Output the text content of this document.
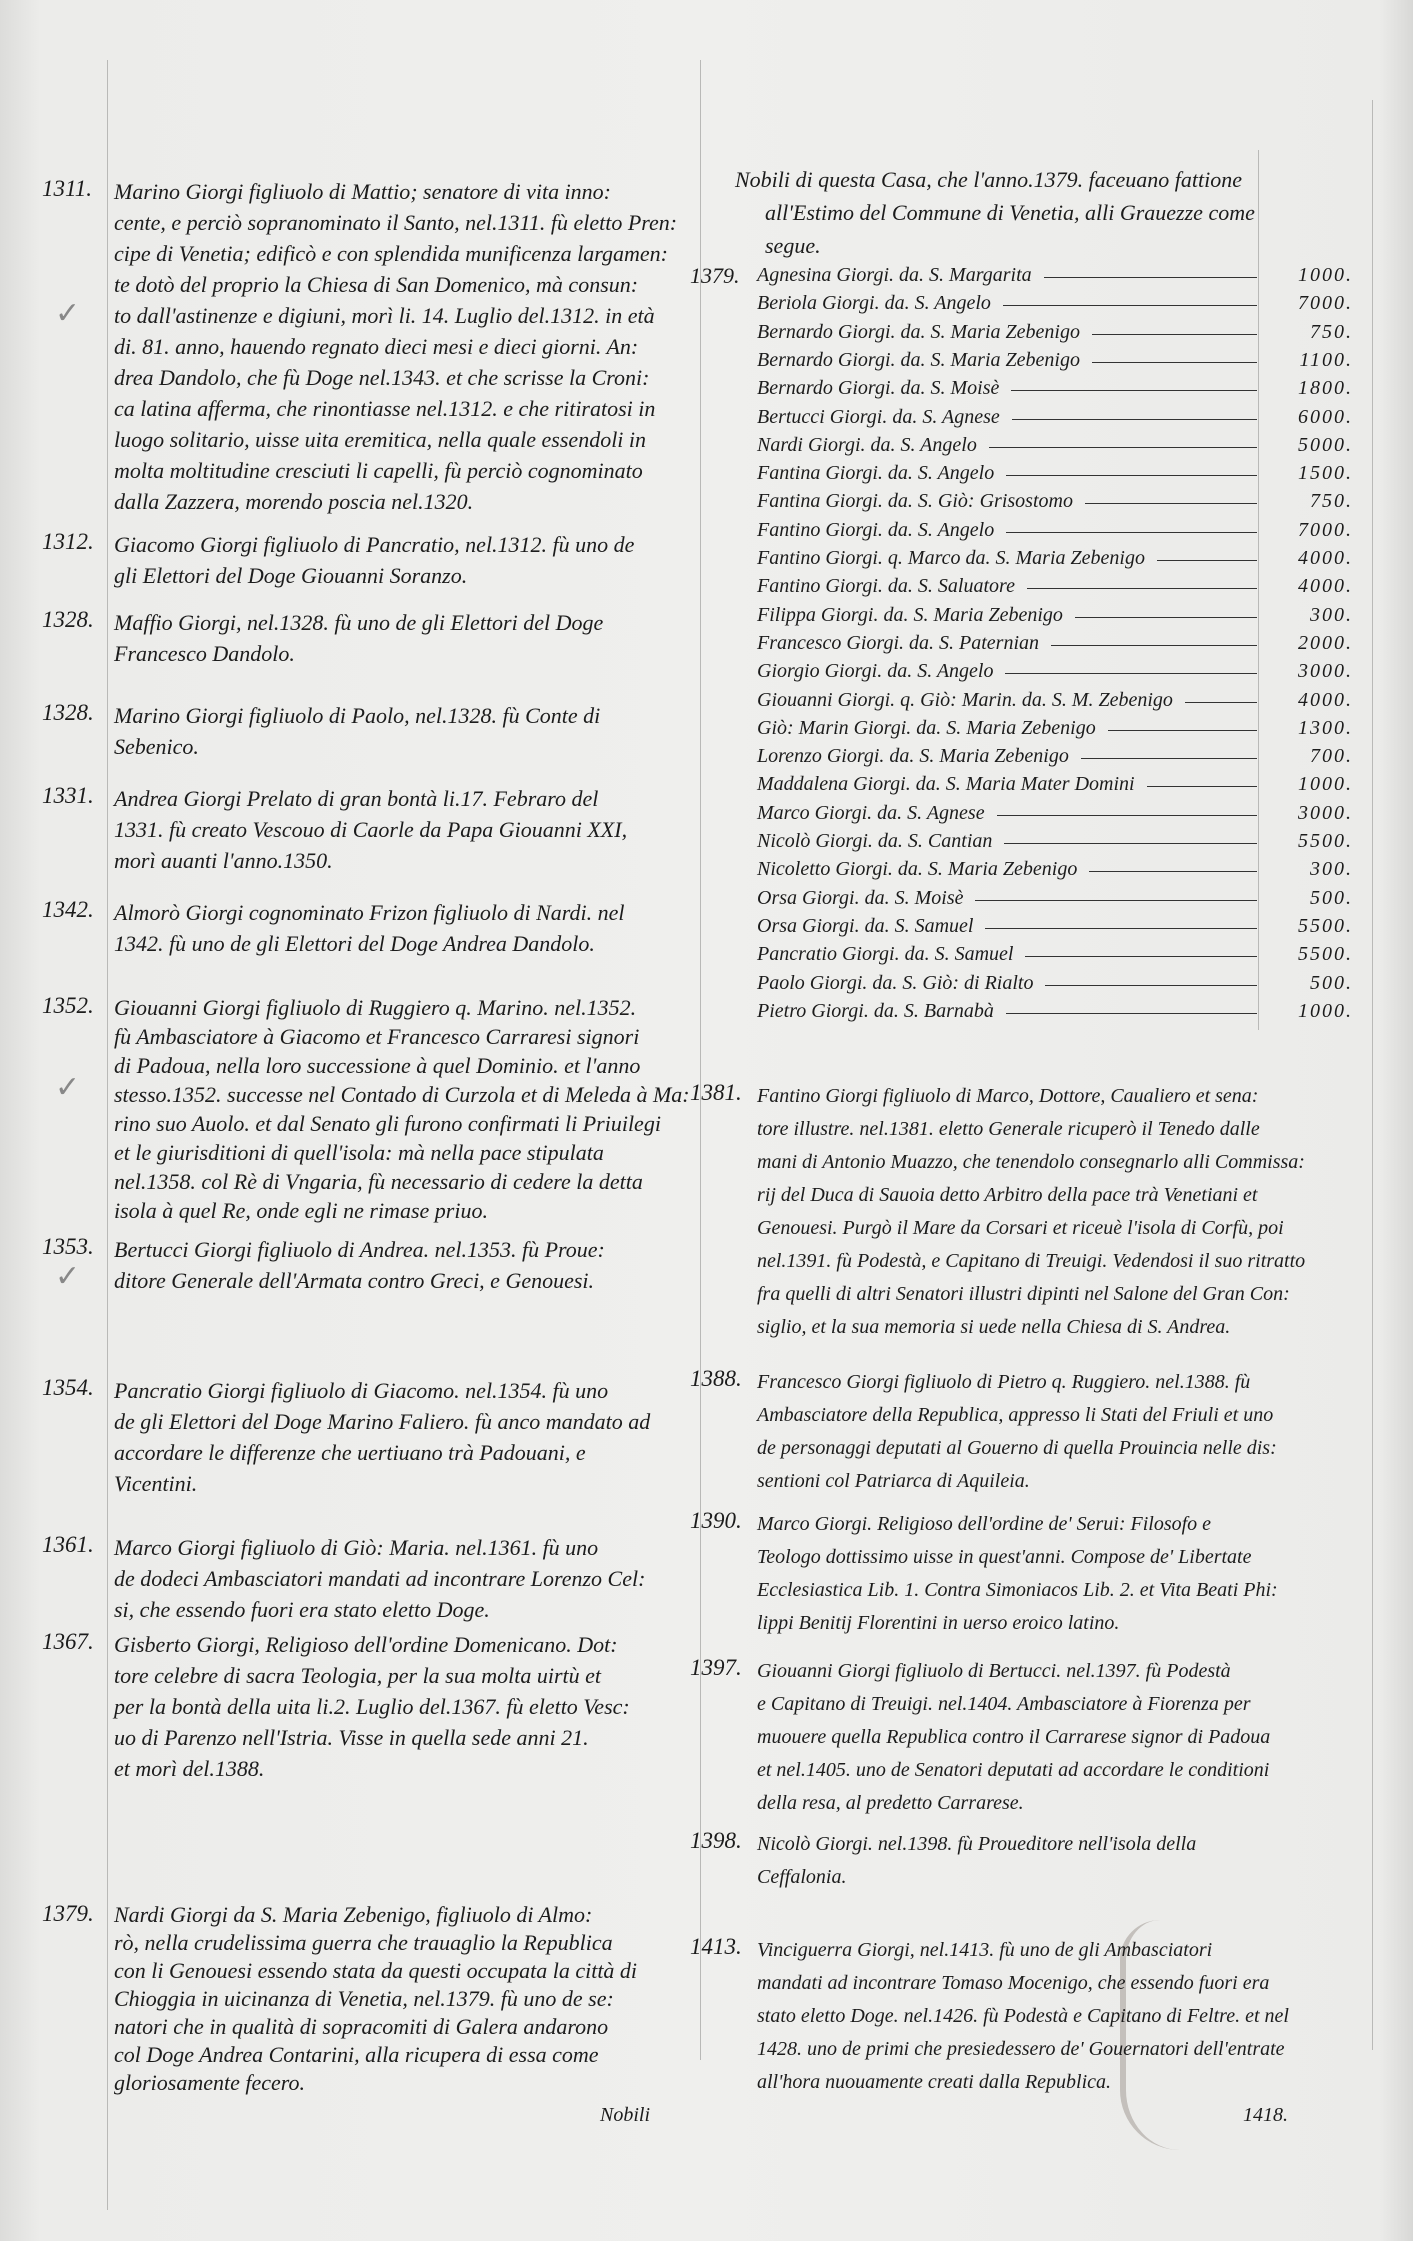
✓
✓
✓
1311. Marino Giorgi figliuolo di Mattio; senatore di vita inno:
cente, e perciò sopranominato il Santo, nel.1311. fù eletto Pren:
cipe di Venetia; edificò e con splendida munificenza largamen:
te dotò del proprio la Chiesa di San Domenico, mà consun:
to dall'astinenze e digiuni, morì li. 14. Luglio del.1312. in età
di. 81. anno, hauendo regnato dieci mesi e dieci giorni. An:
drea Dandolo, che fù Doge nel.1343. et che scrisse la Croni:
ca latina afferma, che rinontiasse nel.1312. e che ritiratosi in
luogo solitario, uisse uita eremitica, nella quale essendoli in
molta moltitudine cresciuti li capelli, fù perciò cognominato
dalla Zazzera, morendo poscia nel.1320.
1312. Giacomo Giorgi figliuolo di Pancratio, nel.1312. fù uno de
gli Elettori del Doge Giouanni Soranzo.
1328. Maffio Giorgi, nel.1328. fù uno de gli Elettori del Doge
Francesco Dandolo.
1328. Marino Giorgi figliuolo di Paolo, nel.1328. fù Conte di
Sebenico.
1331. Andrea Giorgi Prelato di gran bontà li.17. Febraro del
1331. fù creato Vescouo di Caorle da Papa Giouanni XXI,
morì auanti l'anno.1350.
1342. Almorò Giorgi cognominato Frizon figliuolo di Nardi. nel
1342. fù uno de gli Elettori del Doge Andrea Dandolo.
1352. Giouanni Giorgi figliuolo di Ruggiero q. Marino. nel.1352.
fù Ambasciatore à Giacomo et Francesco Carraresi signori
di Padoua, nella loro successione à quel Dominio. et l'anno
stesso.1352. successe nel Contado di Curzola et di Meleda à Ma:
rino suo Auolo. et dal Senato gli furono confirmati li Priuilegi
et le giurisditioni di quell'isola: mà nella pace stipulata
nel.1358. col Rè di Vngaria, fù necessario di cedere la detta
isola à quel Re, onde egli ne rimase priuo.
1353. Bertucci Giorgi figliuolo di Andrea. nel.1353. fù Proue:
ditore Generale dell'Armata contro Greci, e Genouesi.
1354. Pancratio Giorgi figliuolo di Giacomo. nel.1354. fù uno
de gli Elettori del Doge Marino Faliero. fù anco mandato ad
accordare le differenze che uertiuano trà Padouani, e
Vicentini.
1361. Marco Giorgi figliuolo di Giò: Maria. nel.1361. fù uno
de dodeci Ambasciatori mandati ad incontrare Lorenzo Cel:
si, che essendo fuori era stato eletto Doge.
1367. Gisberto Giorgi, Religioso dell'ordine Domenicano. Dot:
tore celebre di sacra Teologia, per la sua molta uirtù et
per la bontà della uita li.2. Luglio del.1367. fù eletto Vesc:
uo di Parenzo nell'Istria. Visse in quella sede anni 21.
et morì del.1388.
1379. Nardi Giorgi da S. Maria Zebenigo, figliuolo di Almo:
rò, nella crudelissima guerra che trauaglio la Republica
con li Genouesi essendo stata da questi occupata la città di
Chioggia in uicinanza di Venetia, nel.1379. fù uno de se:
natori che in qualità di sopracomiti di Galera andarono
col Doge Andrea Contarini, alla ricupera di essa come
gloriosamente fecero.
1381. Fantino Giorgi figliuolo di Marco, Dottore, Caualiero et sena:
tore illustre. nel.1381. eletto Generale ricuperò il Tenedo dalle
mani di Antonio Muazzo, che tenendolo consegnarlo alli Commissa:
rij del Duca di Sauoia detto Arbitro della pace trà Venetiani et
Genouesi. Purgò il Mare da Corsari et riceuè l'isola di Corfù, poi
nel.1391. fù Podestà, e Capitano di Treuigi. Vedendosi il suo ritratto
fra quelli di altri Senatori illustri dipinti nel Salone del Gran Con:
siglio, et la sua memoria si uede nella Chiesa di S. Andrea.
1388. Francesco Giorgi figliuolo di Pietro q. Ruggiero. nel.1388. fù
Ambasciatore della Republica, appresso li Stati del Friuli et uno
de personaggi deputati al Gouerno di quella Prouincia nelle dis:
sentioni col Patriarca di Aquileia.
1390. Marco Giorgi. Religioso dell'ordine de' Serui: Filosofo e
Teologo dottissimo uisse in quest'anni. Compose de' Libertate
Ecclesiastica Lib. 1. Contra Simoniacos Lib. 2. et Vita Beati Phi:
lippi Benitij Florentini in uerso eroico latino.
1397. Giouanni Giorgi figliuolo di Bertucci. nel.1397. fù Podestà
e Capitano di Treuigi. nel.1404. Ambasciatore à Fiorenza per
muouere quella Republica contro il Carrarese signor di Padoua
et nel.1405. uno de Senatori deputati ad accordare le conditioni
della resa, al predetto Carrarese.
1398. Nicolò Giorgi. nel.1398. fù Proueditore nell'isola della
Ceffalonia.
1413. Vinciguerra Giorgi, nel.1413. fù uno de gli Ambasciatori
mandati ad incontrare Tomaso Mocenigo, che essendo fuori era
stato eletto Doge. nel.1426. fù Podestà e Capitano di Feltre. et nel
1428. uno de primi che presiedessero de' Gouernatori dell'entrate
all'hora nuouamente creati dalla Republica.
Nobili di questa Casa, che l'anno.1379. faceuano fattione
all'Estimo del Commune di Venetia, alli Grauezze come
segue.
1379. Agnesina Giorgi. da. S. Margarita	1000.
Beriola Giorgi. da. S. Angelo	7000.
Bernardo Giorgi. da. S. Maria Zebenigo	750.
Bernardo Giorgi. da. S. Maria Zebenigo	1100.
Bernardo Giorgi. da. S. Moisè	1800.
Bertucci Giorgi. da. S. Agnese	6000.
Nardi Giorgi. da. S. Angelo	5000.
Fantina Giorgi. da. S. Angelo	1500.
Fantina Giorgi. da. S. Giò: Grisostomo	750.
Fantino Giorgi. da. S. Angelo	7000.
Fantino Giorgi. q. Marco da. S. Maria Zebenigo	4000.
Fantino Giorgi. da. S. Saluatore	4000.
Filippa Giorgi. da. S. Maria Zebenigo	300.
Francesco Giorgi. da. S. Paternian	2000.
Giorgio Giorgi. da. S. Angelo	3000.
Giouanni Giorgi. q. Giò: Marin. da. S. M. Zebenigo	4000.
Giò: Marin Giorgi. da. S. Maria Zebenigo	1300.
Lorenzo Giorgi. da. S. Maria Zebenigo	700.
Maddalena Giorgi. da. S. Maria Mater Domini	1000.
Marco Giorgi. da. S. Agnese	3000.
Nicolò Giorgi. da. S. Cantian	5500.
Nicoletto Giorgi. da. S. Maria Zebenigo	300.
Orsa Giorgi. da. S. Moisè	500.
Orsa Giorgi. da. S. Samuel	5500.
Pancratio Giorgi. da. S. Samuel	5500.
Paolo Giorgi. da. S. Giò: di Rialto	500.
Pietro Giorgi. da. S. Barnabà	1000.
Nobili	1418.
